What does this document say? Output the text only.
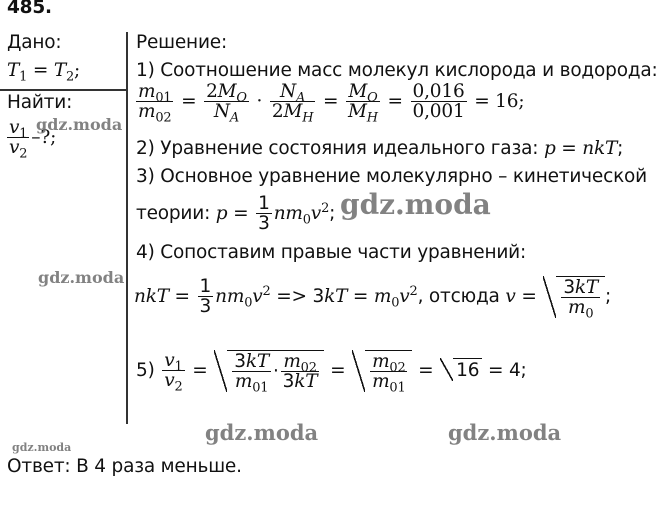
485.
Дано:
$T_1 = T_2$;
Найти:
$\frac{v_1}{v_2}$ –?;
Решение:
1) Соотношение масс молекул кислорода и водорода:
$\frac{m_{01}}{m_{02}} = \frac{2M_O}{N_A} \cdot \frac{N_A}{2M_H} = \frac{M_O}{M_H} = \frac{0,016}{0,001} = 16$;
2) Уравнение состояния идеального газа: p = nkT;
3) Основное уравнение молекулярно – кинетической
теории: $p = \frac{1}{3} nm_0v^2$;
4) Сопоставим правые части уравнений:
nkT = $\frac{1}{3} nm_0v^2 => 3kT = m_0v^2$, отсюда $v = \frac{3kT}{m_0}$ ;
$5) \frac{v_1}{v_2} = \frac{3kT}{m_{01}} \cdot \frac{m_{02}}{3kT} = \frac{m_{02}}{m_{01}} = 16 = 4$;
Ответ: В 4 раза меньше.
gdz.moda
gdz.moda
gdz.moda
gdz.moda	gdz.moda
gdz.moda
